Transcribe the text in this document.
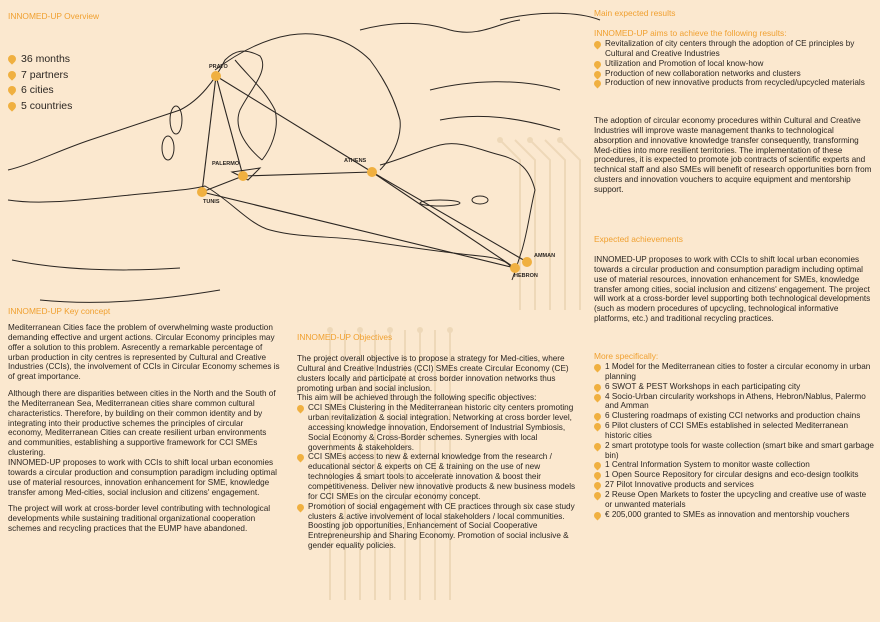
PRATO
PALERMO	ATHENS
TUNIS
AMMAN
HEBRON
INNOMED-UP Overview
36 months
7 partners
6 cities
5 countries
INNOMED-UP Key concept

Mediterranean Cities face the problem of overwhelming waste production demanding effective and urgent actions. Circular Economy principles may offer a solution to this problem. Asrecently a remarkable percentage of urban production in city centres is represented by Cultural and Creative Industries (CCIs), the involvement of CCIs in Circular Economy schemes is of great importance.

Although there are disparities between cities in the North and the South of the Mediterranean Sea, Mediterranean cities share common cultural characteristics. Therefore, by building on their common identity and by integrating into their productive schemes the principles of circular economy, Mediterranean Cities can create resilient urban environments and communities, establishing a supportive framework for CCI SMEs clustering.

INNOMED-UP proposes to work with CCIs to shift local urban economies towards a circular production and consumption paradigm including optimal use of material resources, innovation enhancement for SME, knowledge transfer among Med-cities, social inclusion and citizens' engagement.

The project will work at cross-border level contributing with technological developments while sustaining traditional organizational cooperation schemes and recycling practices that the EUMP have abandoned.

INNOMED-UP Objectives
The project overall objective is to propose a strategy for Med-cities, where Cultural and Creative Industries (CCI) SMEs create Circular Economy (CE) clusters locally and participate at cross border innovation networks thus promoting urban and social inclusion.
This aim will be achieved through the following specific objectives:
CCI SMEs Clustering in the Mediterranean historic city centers promoting urban revitalization & social integration. Networking at cross border level, accessing knowledge innovation, Endorsement of Industrial Symbiosis, Social Economy & Cross-Border schemes. Synergies with local governments & stakeholders.
CCI SMEs access to new & external knowledge from the research / educational sector & experts on CE & training on the use of new technologies & smart tools to accelerate innovation & boost their competitiveness. Deliver new innovative products & new business models for CCI SMEs on the circular economy concept.
Promotion of social engagement with CE practices through six case study clusters & active involvement of local stakeholders / local communities. Boosting job opportunities, Enhancement of Social Cooperative Entrepreneurship and Sharing Economy. Promotion of social inclusive & gender equality policies.
Main expected results
INNOMED-UP aims to achieve the following results:
Revitalization of city centers through the adoption of CE principles by Cultural and Creative Industries
Utilization and Promotion of local know-how
Production of new collaboration networks and clusters
Production of new innovative products from recycled/upcycled materials
The adoption of circular economy procedures within Cultural and Creative Industries will improve waste management thanks to technological absorption and innovative knowledge transfer consequently, transforming Med-cities into more resilient territories. The implementation of these procedures, it is expected to promote job contracts of scientific experts and technical staff and also SMEs will benefit of research opportunities born from clusters and innovation vouchers to acquire equipment and mentorship support.
Expected achievements
INNOMED-UP proposes to work with CCIs to shift local urban economies towards a circular production and consumption paradigm including optimal use of material resources, innovation enhancement for SMEs, knowledge transfer among cities, social inclusion and citizens' engagement. The project will work at a cross-border level supporting both technological developments (such as modern procedures of upcycling, technological informative platforms, etc.) and traditional recycling practices.
More specifically:
1 Model for the Mediterranean cities to foster a circular economy in urban planning
6 SWOT & PEST Workshops in each participating city
4 Socio-Urban circularity workshops in Athens, Hebron/Nablus, Palermo and Amman
6 Clustering roadmaps of existing CCI networks and production chains
6 Pilot clusters of CCI SMEs established in selected Mediterranean historic cities
2 smart prototype tools for waste collection (smart bike and smart garbage bin)
1 Central Information System to monitor waste collection
1 Open Source Repository for circular designs and eco-design toolkits
27 Pilot Innovative products and services
2 Reuse Open Markets to foster the upcycling and creative use of waste or unwanted materials
€ 205,000 granted to SMEs as innovation and mentorship vouchers
